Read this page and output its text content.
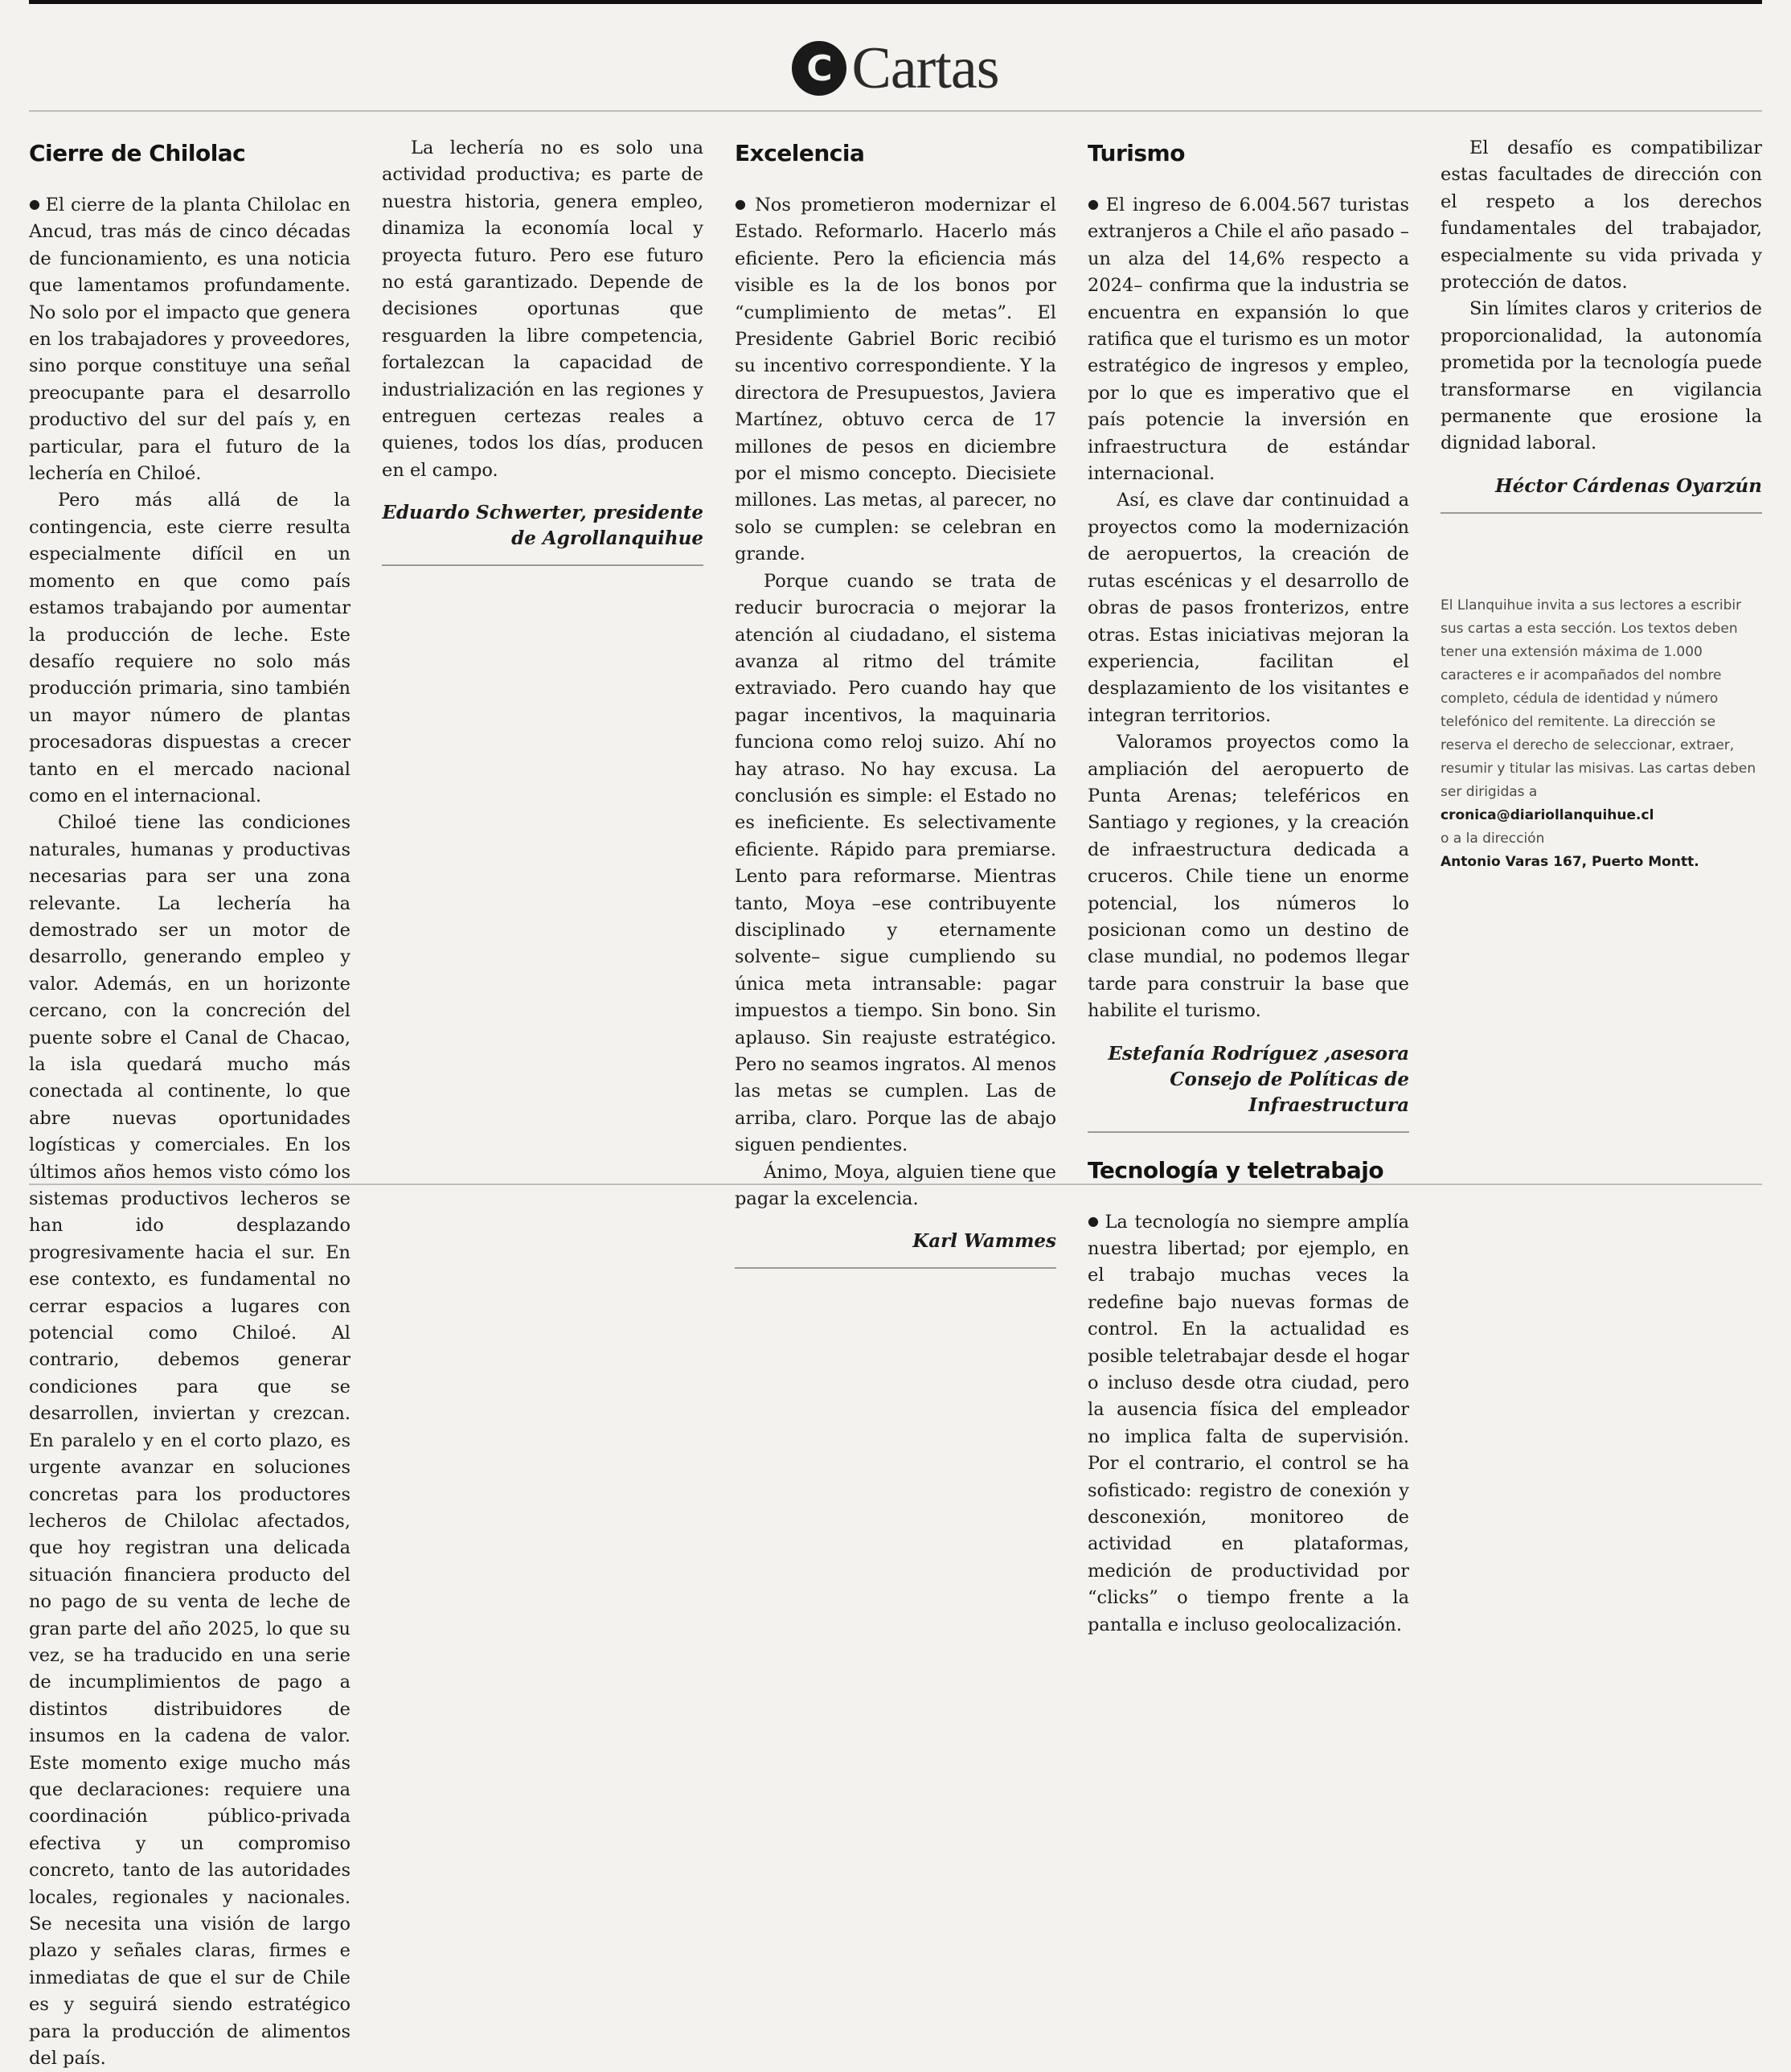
C Cartas
Cierre de Chilolac

● El cierre de la planta Chilolac en Ancud, tras más de cinco décadas de funcionamiento, es una noticia que lamentamos profundamente. No solo por el impacto que genera en los trabajadores y proveedores, sino porque constituye una señal preocupante para el desarrollo productivo del sur del país y, en particular, para el futuro de la lechería en Chiloé.

Pero más allá de la contingencia, este cierre resulta especialmente difícil en un momento en que como país estamos trabajando por aumentar la producción de leche. Este desafío requiere no solo más producción primaria, sino también un mayor número de plantas procesadoras dispuestas a crecer tanto en el mercado nacional como en el internacional.

Chiloé tiene las condiciones naturales, humanas y productivas necesarias para ser una zona relevante. La lechería ha demostrado ser un motor de desarrollo, generando empleo y valor. Además, en un horizonte cercano, con la concreción del puente sobre el Canal de Chacao, la isla quedará mucho más conectada al continente, lo que abre nuevas oportunidades logísticas y comerciales. En los últimos años hemos visto cómo los sistemas productivos lecheros se han ido desplazando progresivamente hacia el sur. En ese contexto, es fundamental no cerrar espacios a lugares con potencial como Chiloé. Al contrario, debemos generar condiciones para que se desarrollen, inviertan y crezcan. En paralelo y en el corto plazo, es urgente avanzar en soluciones concretas para los productores lecheros de Chilolac afectados, que hoy registran una delicada situación financiera producto del no pago de su venta de leche de gran parte del año 2025, lo que su vez, se ha traducido en una serie de incumplimientos de pago a distintos distribuidores de insumos en la cadena de valor. Este momento exige mucho más que declaraciones: requiere una coordinación público-privada efectiva y un compromiso concreto, tanto de las autoridades locales, regionales y nacionales. Se necesita una visión de largo plazo y señales claras, firmes e inmediatas de que el sur de Chile es y seguirá siendo estratégico para la producción de alimentos del país.

La lechería no es solo una actividad productiva; es parte de nuestra historia, genera empleo, dinamiza la economía local y proyecta futuro. Pero ese futuro no está garantizado. Depende de decisiones oportunas que resguarden la libre competencia, fortalezcan la capacidad de industrialización en las regiones y entreguen certezas reales a quienes, todos los días, producen en el campo.

Eduardo Schwerter, presidente de Agrollanquihue
Excelencia

● Nos prometieron modernizar el Estado. Reformarlo. Hacerlo más eficiente. Pero la eficiencia más visible es la de los bonos por “cumplimiento de metas”. El Presidente Gabriel Boric recibió su incentivo correspondiente. Y la directora de Presupuestos, Javiera Martínez, obtuvo cerca de 17 millones de pesos en diciembre por el mismo concepto. Diecisiete millones. Las metas, al parecer, no solo se cumplen: se celebran en grande.

Porque cuando se trata de reducir burocracia o mejorar la atención al ciudadano, el sistema avanza al ritmo del trámite extraviado. Pero cuando hay que pagar incentivos, la maquinaria funciona como reloj suizo. Ahí no hay atraso. No hay excusa. La conclusión es simple: el Estado no es ineficiente. Es selectivamente eficiente. Rápido para premiarse. Lento para reformarse. Mientras tanto, Moya –ese contribuyente disciplinado y eternamente solvente– sigue cumpliendo su única meta intransable: pagar impuestos a tiempo. Sin bono. Sin aplauso. Sin reajuste estratégico. Pero no seamos ingratos. Al menos las metas se cumplen. Las de arriba, claro. Porque las de abajo siguen pendientes.

Ánimo, Moya, alguien tiene que pagar la excelencia.

Karl Wammes
Turismo

● El ingreso de 6.004.567 turistas extranjeros a Chile el año pasado –un alza del 14,6% respecto a 2024– confirma que la industria se encuentra en expansión lo que ratifica que el turismo es un motor estratégico de ingresos y empleo, por lo que es imperativo que el país potencie la inversión en infraestructura de estándar internacional.

Así, es clave dar continuidad a proyectos como la modernización de aeropuertos, la creación de rutas escénicas y el desarrollo de obras de pasos fronterizos, entre otras. Estas iniciativas mejoran la experiencia, facilitan el desplazamiento de los visitantes e integran territorios.

Valoramos proyectos como la ampliación del aeropuerto de Punta Arenas; teleféricos en Santiago y regiones, y la creación de infraestructura dedicada a cruceros. Chile tiene un enorme potencial, los números lo posicionan como un destino de clase mundial, no podemos llegar tarde para construir la base que habilite el turismo.

Estefanía Rodríguez ,asesora Consejo de Políticas de Infraestructura
Tecnología y teletrabajo

● La tecnología no siempre amplía nuestra libertad; por ejemplo, en el trabajo muchas veces la redefine bajo nuevas formas de control. En la actualidad es posible teletrabajar desde el hogar o incluso desde otra ciudad, pero la ausencia física del empleador no implica falta de supervisión. Por el contrario, el control se ha sofisticado: registro de conexión y desconexión, monitoreo de actividad en plataformas, medición de productividad por “clicks” o tiempo frente a la pantalla e incluso geolocalización.

El desafío es compatibilizar estas facultades de dirección con el respeto a los derechos fundamentales del trabajador, especialmente su vida privada y protección de datos.

Sin límites claros y criterios de proporcionalidad, la autonomía prometida por la tecnología puede transformarse en vigilancia permanente que erosione la dignidad laboral.

Héctor Cárdenas Oyarzún
El Llanquihue invita a sus lectores a escribir sus cartas a esta sección. Los textos deben tener una extensión máxima de 1.000 caracteres e ir acompañados del nombre completo, cédula de identidad y número telefónico del remitente. La dirección se reserva el derecho de seleccionar, extraer, resumir y titular las misivas. Las cartas deben ser dirigidas a
cronica@diariollanquihue.cl
o a la dirección
Antonio Varas 167, Puerto Montt.
